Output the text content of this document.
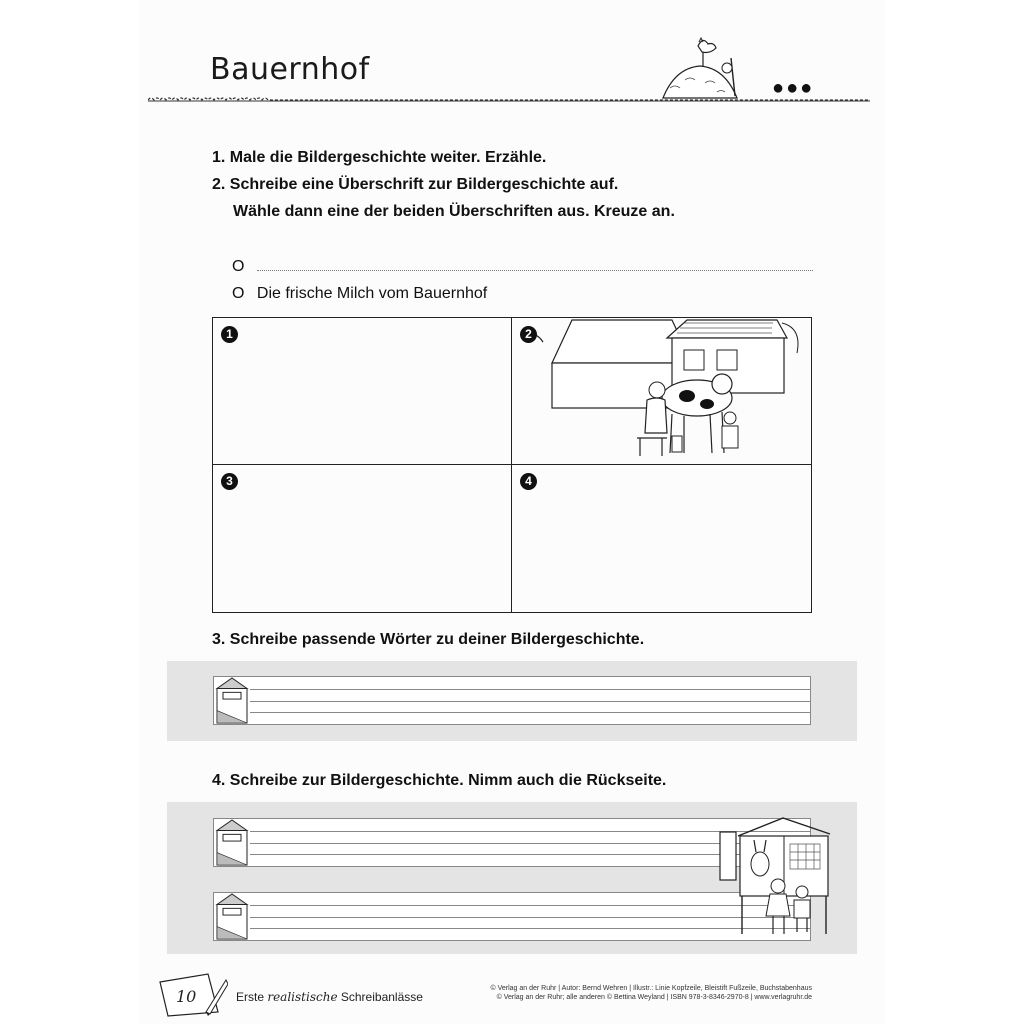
Bauernhof
●●●
1. Male die Bildergeschichte weiter. Erzähle.
2. Schreibe eine Überschrift zur Bildergeschichte auf.
Wähle dann eine der beiden Überschriften aus. Kreuze an.
O
O Die frische Milch vom Bauernhof
1	2
3	4
3. Schreibe passende Wörter zu deiner Bildergeschichte.
4. Schreibe zur Bildergeschichte. Nimm auch die Rückseite.
10	Erste realistische Schreibanlässe
© Verlag an der Ruhr | Autor: Bernd Wehren | Illustr.: Linie Kopfzeile, Bleistift Fußzeile, Buchstabenhaus
© Verlag an der Ruhr; alle anderen © Bettina Weyland | ISBN 978-3-8346-2970-8 | www.verlagruhr.de
